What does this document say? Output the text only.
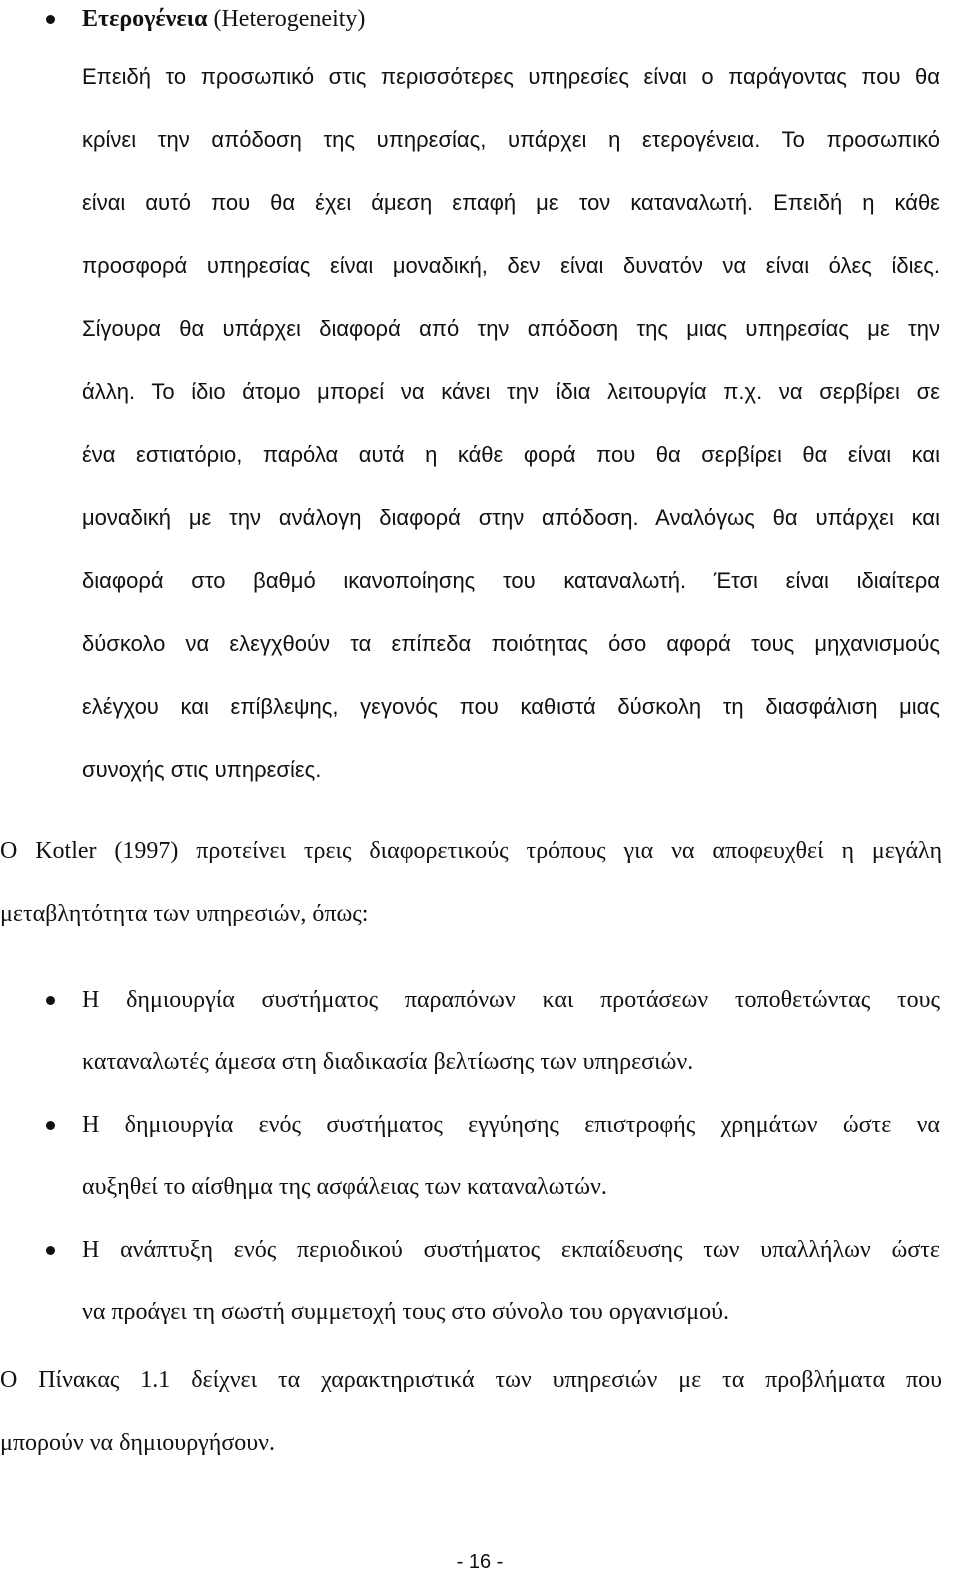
Ετερογένεια (Heterogeneity)
Επειδή το προσωπικό στις περισσότερες υπηρεσίες είναι ο παράγοντας που θα
κρίνει την απόδοση της υπηρεσίας, υπάρχει η ετερογένεια. Το προσωπικό
είναι αυτό που θα έχει άμεση επαφή με τον καταναλωτή. Επειδή η κάθε
προσφορά υπηρεσίας είναι μοναδική, δεν είναι δυνατόν να είναι όλες ίδιες.
Σίγουρα θα υπάρχει διαφορά από την απόδοση της μιας υπηρεσίας με την
άλλη. Το ίδιο άτομο μπορεί να κάνει την ίδια λειτουργία π.χ. να σερβίρει σε
ένα εστιατόριο, παρόλα αυτά η κάθε φορά που θα σερβίρει θα είναι και
μοναδική με την ανάλογη διαφορά στην απόδοση. Αναλόγως θα υπάρχει και
διαφορά στο βαθμό ικανοποίησης του καταναλωτή. Έτσι είναι ιδιαίτερα
δύσκολο να ελεγχθούν τα επίπεδα ποιότητας όσο αφορά τους μηχανισμούς
ελέγχου και επίβλεψης, γεγονός που καθιστά δύσκολη τη διασφάλιση μιας
συνοχής στις υπηρεσίες.
Ο Kotler (1997) προτείνει τρεις διαφορετικούς τρόπους για να αποφευχθεί η μεγάλη
μεταβλητότητα των υπηρεσιών, όπως:
Η δημιουργία συστήματος παραπόνων και προτάσεων τοποθετώντας τους
καταναλωτές άμεσα στη διαδικασία βελτίωσης των υπηρεσιών.
Η δημιουργία ενός συστήματος εγγύησης επιστροφής χρημάτων ώστε να
αυξηθεί το αίσθημα της ασφάλειας των καταναλωτών.
Η ανάπτυξη ενός περιοδικού συστήματος εκπαίδευσης των υπαλλήλων ώστε
να προάγει τη σωστή συμμετοχή τους στο σύνολο του οργανισμού.
Ο Πίνακας 1.1 δείχνει τα χαρακτηριστικά των υπηρεσιών με τα προβλήματα που
μπορούν να δημιουργήσουν.
- 16 -
